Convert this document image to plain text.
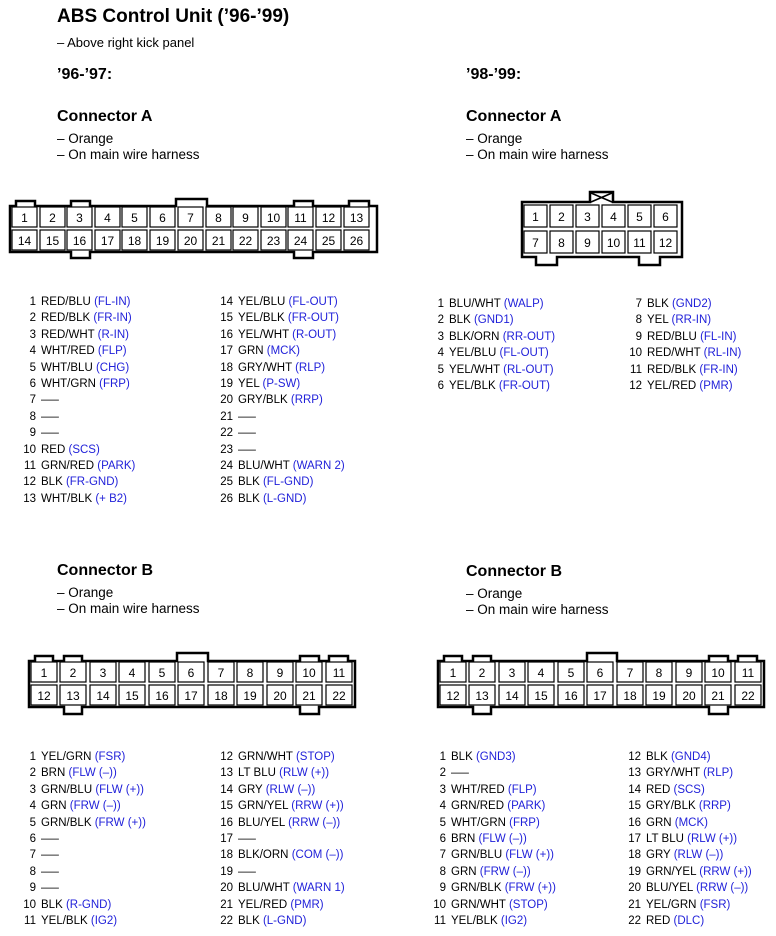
ABS Control Unit (’96-’99)
– Above right kick panel
’96-’97:	’98-’99:
Connector A
– Orange
– On main wire harness
Connector A
– Orange
– On main wire harness
Connector B
– Orange
– On main wire harness
Connector B
– Orange
– On main wire harness
1 2 3 4 5 6 7 8 9 10 11 12 13
14 15 16 17 18 19 20 21 22 23 24 25 26
1 2 3 4 5 6
7 8 9 10 11 12
1 2 3 4 5 6 7 8 9 10 11
12 13 14 15 16 17 18 19 20 21 22
1 2 3 4 5 6 7 8 9 10 11
12 13 14 15 16 17 18 19 20 21 22
1 RED/BLU (FL-IN)
2 RED/BLK (FR-IN)
3 RED/WHT (R-IN)
4 WHT/RED (FLP)
5 WHT/BLU (CHG)
6 WHT/GRN (FRP)
7 —–
8 —–
9 —–
10 RED (SCS)
11 GRN/RED (PARK)
12 BLK (FR-GND)
13 WHT/BLK (+ B2)
14 YEL/BLU (FL-OUT)
15 YEL/BLK (FR-OUT)
16 YEL/WHT (R-OUT)
17 GRN (MCK)
18 GRY/WHT (RLP)
19 YEL (P-SW)
20 GRY/BLK (RRP)
21 —–
22 —–
23 —–
24 BLU/WHT (WARN 2)
25 BLK (FL-GND)
26 BLK (L-GND)
1 BLU/WHT (WALP)
2 BLK (GND1)
3 BLK/ORN (RR-OUT)
4 YEL/BLU (FL-OUT)
5 YEL/WHT (RL-OUT)
6 YEL/BLK (FR-OUT)
7 BLK (GND2)
8 YEL (RR-IN)
9 RED/BLU (FL-IN)
10 RED/WHT (RL-IN)
11 RED/BLK (FR-IN)
12 YEL/RED (PMR)
1 YEL/GRN (FSR)
2 BRN (FLW (–))
3 GRN/BLU (FLW (+))
4 GRN (FRW (–))
5 GRN/BLK (FRW (+))
6 —–
7 —–
8 —–
9 —–
10 BLK (R-GND)
11 YEL/BLK (IG2)
12 GRN/WHT (STOP)
13 LT BLU (RLW (+))
14 GRY (RLW (–))
15 GRN/YEL (RRW (+))
16 BLU/YEL (RRW (–))
17 —–
18 BLK/ORN (COM (–))
19 —–
20 BLU/WHT (WARN 1)
21 YEL/RED (PMR)
22 BLK (L-GND)
1 BLK (GND3)
2 —–
3 WHT/RED (FLP)
4 GRN/RED (PARK)
5 WHT/GRN (FRP)
6 BRN (FLW (–))
7 GRN/BLU (FLW (+))
8 GRN (FRW (–))
9 GRN/BLK (FRW (+))
10 GRN/WHT (STOP)
11 YEL/BLK (IG2)
12 BLK (GND4)
13 GRY/WHT (RLP)
14 RED (SCS)
15 GRY/BLK (RRP)
16 GRN (MCK)
17 LT BLU (RLW (+))
18 GRY (RLW (–))
19 GRN/YEL (RRW (+))
20 BLU/YEL (RRW (–))
21 YEL/GRN (FSR)
22 RED (DLC)
